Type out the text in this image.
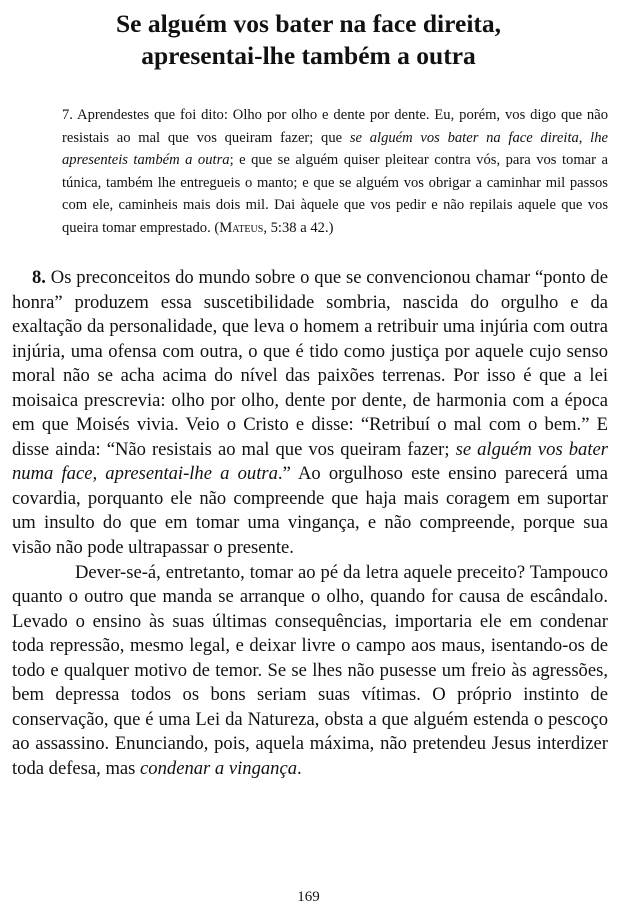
Se alguém vos bater na face direita,
apresentai-lhe também a outra

7. Aprendestes que foi dito: Olho por olho e dente por dente. Eu, porém, vos digo que não resistais ao mal que vos queiram fazer; que se alguém vos bater na face direita, lhe apresenteis também a outra; e que se alguém quiser pleitear contra vós, para vos tomar a túnica, também lhe entregueis o manto; e que se alguém vos obrigar a caminhar mil passos com ele, caminheis mais dois mil. Dai àquele que vos pedir e não repilais aquele que vos queira tomar emprestado. (Mateus, 5:38 a 42.)

8. Os preconceitos do mundo sobre o que se convencionou chamar “ponto de honra” produzem essa suscetibilidade sombria, nascida do orgulho e da exaltação da personalidade, que leva o homem a retribuir uma injúria com outra injúria, uma ofensa com outra, o que é tido como justiça por aquele cujo senso moral não se acha acima do nível das paixões terrenas. Por isso é que a lei moisaica prescrevia: olho por olho, dente por dente, de harmonia com a época em que Moisés vivia. Veio o Cristo e disse: “Retribuí o mal com o bem.” E disse ainda: “Não resistais ao mal que vos queiram fazer; se alguém vos bater numa face, apresentai-lhe a outra.” Ao orgulhoso este ensino parecerá uma covardia, porquanto ele não compreende que haja mais coragem em suportar um insulto do que em tomar uma vingança, e não compreende, porque sua visão não pode ultrapassar o presente.

Dever-se-á, entretanto, tomar ao pé da letra aquele preceito? Tampouco quanto o outro que manda se arranque o olho, quando for causa de escândalo. Levado o ensino às suas últimas consequências, importaria ele em condenar toda repressão, mesmo legal, e deixar livre o campo aos maus, isentando-os de todo e qualquer motivo de temor. Se se lhes não pusesse um freio às agressões, bem depressa todos os bons seriam suas vítimas. O próprio instinto de conservação, que é uma Lei da Natureza, obsta a que alguém estenda o pescoço ao assassino. Enunciando, pois, aquela máxima, não pretendeu Jesus interdizer toda defesa, mas condenar a vingança.

169
